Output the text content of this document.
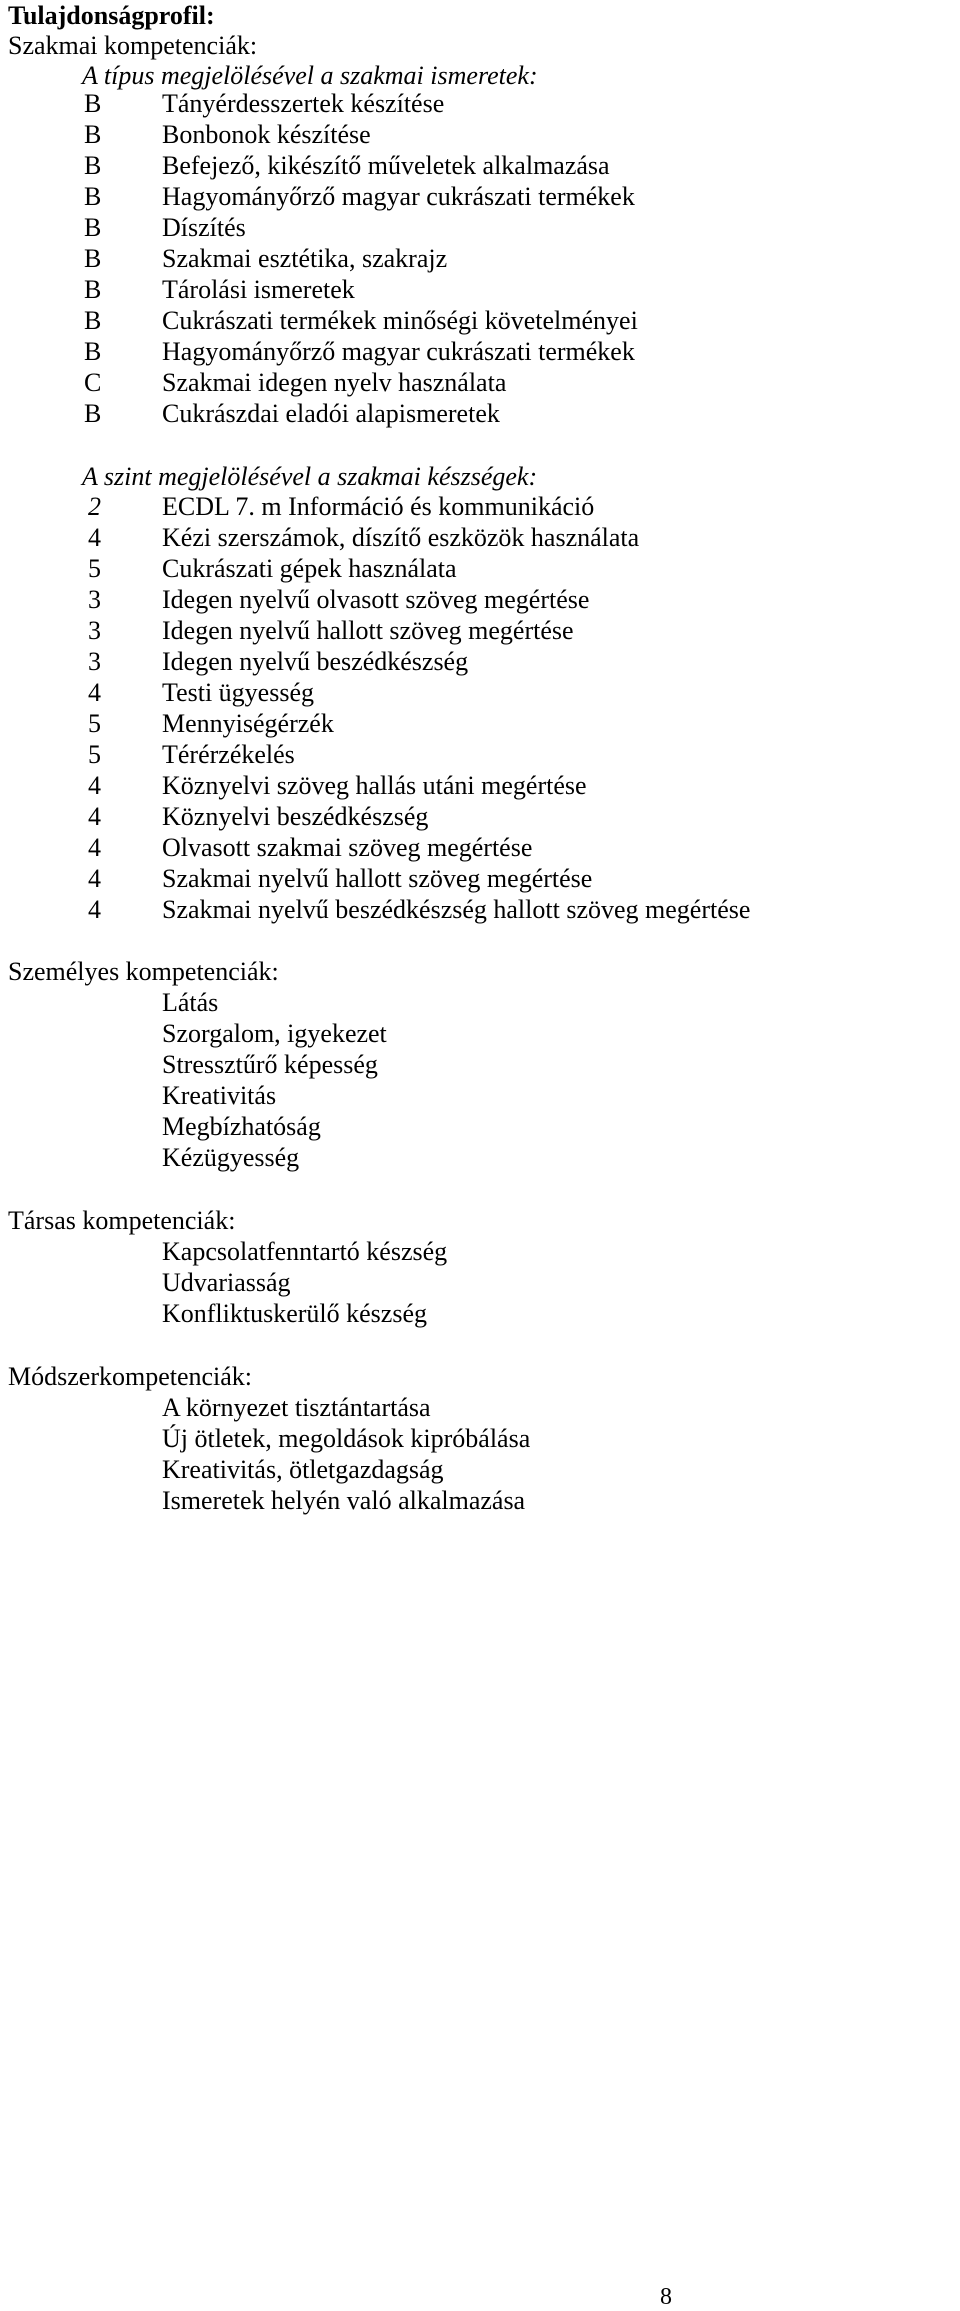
Tulajdonságprofil:
Szakmai kompetenciák:
A típus megjelölésével a szakmai ismeretek:
B Tányérdesszertek készítése
B Bonbonok készítése
B Befejező, kikészítő műveletek alkalmazása
B Hagyományőrző magyar cukrászati termékek
B Díszítés
B Szakmai esztétika, szakrajz
B Tárolási ismeretek
B Cukrászati termékek minőségi követelményei
B Hagyományőrző magyar cukrászati termékek
C Szakmai idegen nyelv használata
B Cukrászdai eladói alapismeretek
A szint megjelölésével a szakmai készségek:
2 ECDL 7. m Információ és kommunikáció
4 Kézi szerszámok, díszítő eszközök használata
5 Cukrászati gépek használata
3 Idegen nyelvű olvasott szöveg megértése
3 Idegen nyelvű hallott szöveg megértése
3 Idegen nyelvű beszédkészség
4 Testi ügyesség
5 Mennyiségérzék
5 Térérzékelés
4 Köznyelvi szöveg hallás utáni megértése
4 Köznyelvi beszédkészség
4 Olvasott szakmai szöveg megértése
4 Szakmai nyelvű hallott szöveg megértése
4 Szakmai nyelvű beszédkészség hallott szöveg megértése
Személyes kompetenciák:
Látás
Szorgalom, igyekezet
Stressztűrő képesség
Kreativitás
Megbízhatóság
Kézügyesség
Társas kompetenciák:
Kapcsolatfenntartó készség
Udvariasság
Konfliktuskerülő készség
Módszerkompetenciák:
A környezet tisztántartása
Új ötletek, megoldások kipróbálása
Kreativitás, ötletgazdagság
Ismeretek helyén való alkalmazása
8
